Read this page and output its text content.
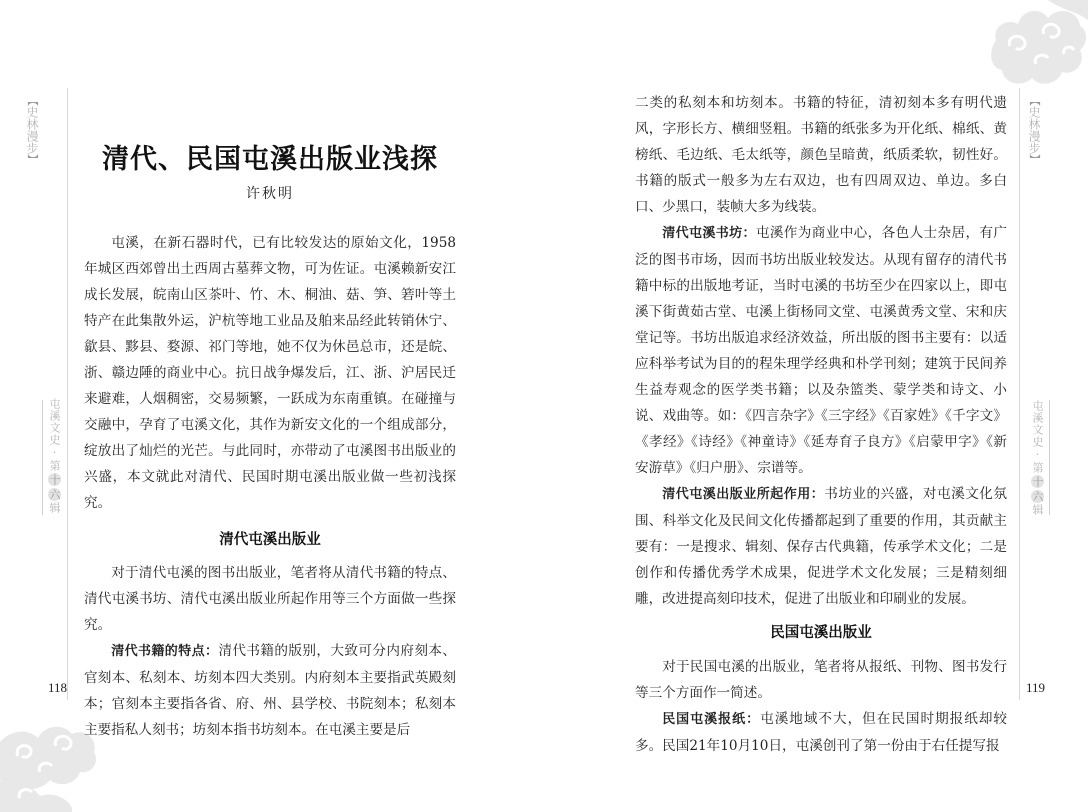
【史林漫步】
屯溪文史·第十六辑
118
清代、民国屯溪出版业浅探
许秋明

屯溪，在新石器时代，已有比较发达的原始文化，1958年城区西郊曾出土西周古墓葬文物，可为佐证。屯溪赖新安江成长发展，皖南山区茶叶、竹、木、桐油、菇、笋、箬叶等土特产在此集散外运，沪杭等地工业品及舶来品经此转销休宁、歙县、黟县、婺源、祁门等地，她不仅为休邑总市，还是皖、浙、赣边陲的商业中心。抗日战争爆发后，江、浙、沪居民迁来避难，人烟稠密，交易频繁，一跃成为东南重镇。在碰撞与交融中，孕育了屯溪文化，其作为新安文化的一个组成部分，绽放出了灿烂的光芒。与此同时，亦带动了屯溪图书出版业的兴盛，本文就此对清代、民国时期屯溪出版业做一些初浅探究。

清代屯溪出版业

对于清代屯溪的图书出版业，笔者将从清代书籍的特点、清代屯溪书坊、清代屯溪出版业所起作用等三个方面做一些探究。

清代书籍的特点：清代书籍的版别，大致可分内府刻本、官刻本、私刻本、坊刻本四大类别。内府刻本主要指武英殿刻本；官刻本主要指各省、府、州、县学校、书院刻本；私刻本主要指私人刻书；坊刻本指书坊刻本。在屯溪主要是后

【史林漫步】
屯溪文史·第十六辑
119

二类的私刻本和坊刻本。书籍的特征，清初刻本多有明代遗风，字形长方、横细竖粗。书籍的纸张多为开化纸、棉纸、黄榜纸、毛边纸、毛太纸等，颜色呈暗黄，纸质柔软，韧性好。书籍的版式一般多为左右双边，也有四周双边、单边。多白口、少黑口，装帧大多为线装。

清代屯溪书坊：屯溪作为商业中心，各色人士杂居，有广泛的图书市场，因而书坊出版业较发达。从现有留存的清代书籍中标的出版地考证，当时屯溪的书坊至少在四家以上，即屯溪下街黄茹古堂、屯溪上街杨同文堂、屯溪黄秀文堂、宋和庆堂记等。书坊出版追求经济效益，所出版的图书主要有：以适应科举考试为目的的程朱理学经典和朴学刊刻；建筑于民间养生益寿观念的医学类书籍；以及杂篮类、蒙学类和诗文、小说、戏曲等。如：《四言杂字》《三字经》《百家姓》《千字文》《孝经》《诗经》《神童诗》《延寿育子良方》《启蒙甲字》《新安游草》《归户册》、宗谱等。

清代屯溪出版业所起作用：书坊业的兴盛，对屯溪文化氛围、科举文化及民间文化传播都起到了重要的作用，其贡献主要有：一是搜求、辑刻、保存古代典籍，传承学术文化；二是创作和传播优秀学术成果，促进学术文化发展；三是精刻细雕，改进提高刻印技术，促进了出版业和印刷业的发展。

民国屯溪出版业

对于民国屯溪的出版业，笔者将从报纸、刊物、图书发行等三个方面作一简述。

民国屯溪报纸：屯溪地域不大，但在民国时期报纸却较多。民国21年10月10日，屯溪创刊了第一份由于右任提写报
